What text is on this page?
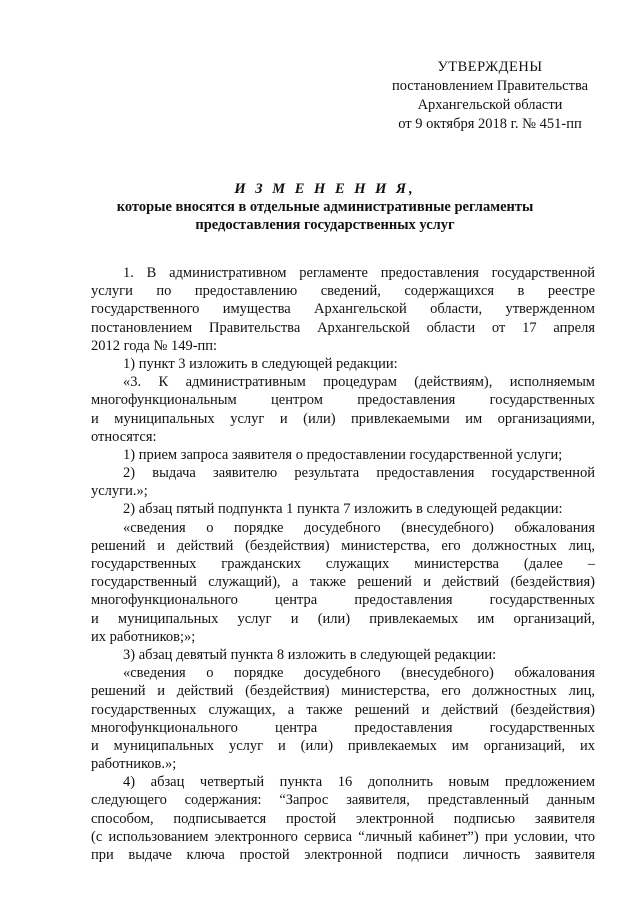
УТВЕРЖДЕНЫ
постановлением Правительства
Архангельской области
от 9 октября 2018 г. № 451-пп
И З М Е Н Е Н И Я,
которые вносятся в отдельные административные регламенты
предоставления государственных услуг
1. В административном регламенте предоставления государственной
услуги по предоставлению сведений, содержащихся в реестре
государственного имущества Архангельской области, утвержденном
постановлением Правительства Архангельской области от 17 апреля
2012 года № 149-пп:
1) пункт 3 изложить в следующей редакции:
«3. К административным процедурам (действиям), исполняемым
многофункциональным центром предоставления государственных
и муниципальных услуг и (или) привлекаемыми им организациями,
относятся:
1) прием запроса заявителя о предоставлении государственной услуги;
2) выдача заявителю результата предоставления государственной
услуги.»;
2) абзац пятый подпункта 1 пункта 7 изложить в следующей редакции:
«сведения о порядке досудебного (внесудебного) обжалования
решений и действий (бездействия) министерства, его должностных лиц,
государственных гражданских служащих министерства (далее –
государственный служащий), а также решений и действий (бездействия)
многофункционального центра предоставления государственных
и муниципальных услуг и (или) привлекаемых им организаций,
их работников;»;
3) абзац девятый пункта 8 изложить в следующей редакции:
«сведения о порядке досудебного (внесудебного) обжалования
решений и действий (бездействия) министерства, его должностных лиц,
государственных служащих, а также решений и действий (бездействия)
многофункционального центра предоставления государственных
и муниципальных услуг и (или) привлекаемых им организаций, их
работников.»;
4) абзац четвертый пункта 16 дополнить новым предложением
следующего содержания: “Запрос заявителя, представленный данным
способом, подписывается простой электронной подписью заявителя
(с использованием электронного сервиса “личный кабинет”) при условии, что
при выдаче ключа простой электронной подписи личность заявителя
